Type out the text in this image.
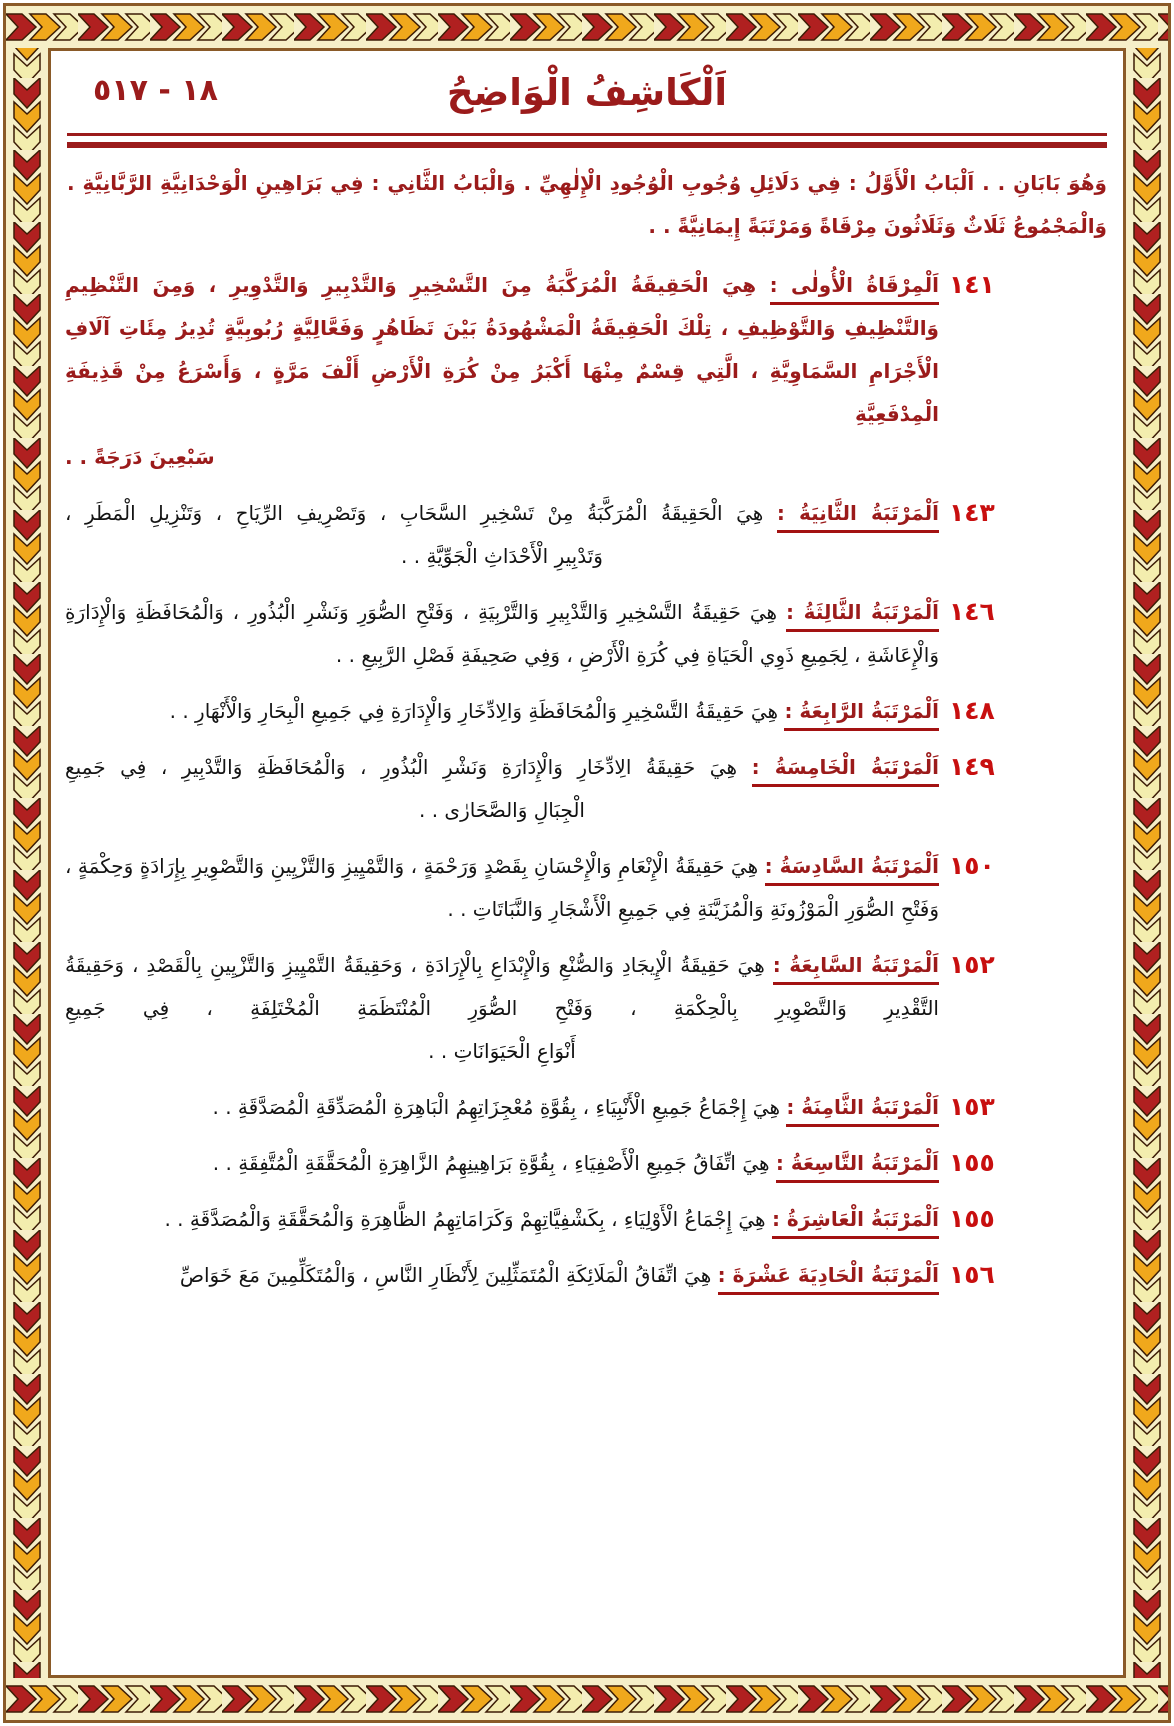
١٨ - ٥١٧	اَلْكَاشِفُ الْوَاضِحُ

وَهُوَ بَابَانِ . . اَلْبَابُ الْأَوَّلُ : فِي دَلَائِلِ وُجُوبِ الْوُجُودِ الْإِلٰهِيِّ . وَالْبَابُ الثَّانِي : فِي بَرَاهِينِ الْوَحْدَانِيَّةِ الرَّبَّانِيَّةِ . وَالْمَجْمُوعُ ثَلَاثٌ وَثَلَاثُونَ مِرْقَاةً وَمَرْتَبَةً إِيمَانِيَّةً . .

١٤١

اَلْمِرْقَاةُ الْأُولٰى : هِيَ الْحَقِيقَةُ الْمُرَكَّبَةُ مِنَ التَّسْخِيرِ وَالتَّدْبِيرِ وَالتَّدْوِيرِ ، وَمِنَ التَّنْظِيمِ وَالتَّنْظِيفِ وَالتَّوْظِيفِ ، تِلْكَ الْحَقِيقَةُ الْمَشْهُودَةُ بَيْنَ تَظَاهُرٍ وَفَعَّالِيَّةٍ رُبُوبِيَّةٍ تُدِيرُ مِئَاتِ آلَافِ الْأَجْرَامِ السَّمَاوِيَّةِ ، الَّتِي قِسْمٌ مِنْهَا أَكْبَرُ مِنْ كُرَةِ الْأَرْضِ أَلْفَ مَرَّةٍ ، وَأَسْرَعُ مِنْ قَذِيفَةِ الْمِدْفَعِيَّةِ

سَبْعِينَ دَرَجَةً . .
١٤٣

اَلْمَرْتَبَةُ الثَّانِيَةُ : هِيَ الْحَقِيقَةُ الْمُرَكَّبَةُ مِنْ تَسْخِيرِ السَّحَابِ ، وَتَصْرِيفِ الرِّيَاحِ ، وَتَنْزِيلِ الْمَطَرِ ،

وَتَدْبِيرِ الْأَحْدَاثِ الْجَوِّيَّةِ . .
١٤٦

اَلْمَرْتَبَةُ الثَّالِثَةُ : هِيَ حَقِيقَةُ التَّسْخِيرِ وَالتَّدْبِيرِ وَالتَّرْبِيَةِ ، وَفَتْحِ الصُّوَرِ وَنَشْرِ الْبُذُورِ ، وَالْمُحَافَظَةِ وَالْإِدَارَةِ وَالْإِعَاشَةِ ، لِجَمِيعِ ذَوِي الْحَيَاةِ فِي كُرَةِ الْأَرْضِ ، وَفِي صَحِيفَةِ فَصْلِ الرَّبِيعِ . .

١٤٨

اَلْمَرْتَبَةُ الرَّابِعَةُ : هِيَ حَقِيقَةُ التَّسْخِيرِ وَالْمُحَافَظَةِ وَالِادِّخَارِ وَالْإِدَارَةِ فِي جَمِيعِ الْبِحَارِ وَالْأَنْهَارِ . .

١٤٩

اَلْمَرْتَبَةُ الْخَامِسَةُ : هِيَ حَقِيقَةُ الِادِّخَارِ وَالْإِدَارَةِ وَنَشْرِ الْبُذُورِ ، وَالْمُحَافَظَةِ وَالتَّدْبِيرِ ، فِي جَمِيعِ

الْجِبَالِ وَالصَّحَارٰى . .
١٥٠

اَلْمَرْتَبَةُ السَّادِسَةُ : هِيَ حَقِيقَةُ الْإِنْعَامِ وَالْإِحْسَانِ بِقَصْدٍ وَرَحْمَةٍ ، وَالتَّمْيِيزِ وَالتَّزْيِينِ وَالتَّصْوِيرِ بِإِرَادَةٍ وَحِكْمَةٍ ، وَفَتْحِ الصُّوَرِ الْمَوْزُونَةِ وَالْمُزَيَّنَةِ فِي جَمِيعِ الْأَشْجَارِ وَالنَّبَاتَاتِ . .

١٥٢

اَلْمَرْتَبَةُ السَّابِعَةُ : هِيَ حَقِيقَةُ الْإِيجَادِ وَالصُّنْعِ وَالْإِبْدَاعِ بِالْإِرَادَةِ ، وَحَقِيقَةُ التَّمْيِيزِ وَالتَّزْيِينِ بِالْقَصْدِ ، وَحَقِيقَةُ التَّقْدِيرِ وَالتَّصْوِيرِ بِالْحِكْمَةِ ، وَفَتْحِ الصُّوَرِ الْمُنْتَظَمَةِ الْمُخْتَلِفَةِ ، فِي جَمِيعِ

أَنْوَاعِ الْحَيَوَانَاتِ . .
١٥٣

اَلْمَرْتَبَةُ الثَّامِنَةُ : هِيَ إِجْمَاعُ جَمِيعِ الْأَنْبِيَاءِ ، بِقُوَّةِ مُعْجِزَاتِهِمُ الْبَاهِرَةِ الْمُصَدِّقَةِ الْمُصَدَّقَةِ . .

١٥٥

اَلْمَرْتَبَةُ التَّاسِعَةُ : هِيَ اتِّفَاقُ جَمِيعِ الْأَصْفِيَاءِ ، بِقُوَّةِ بَرَاهِينِهِمُ الزَّاهِرَةِ الْمُحَقَّقَةِ الْمُتَّفِقَةِ . .

١٥٥

اَلْمَرْتَبَةُ الْعَاشِرَةُ : هِيَ إِجْمَاعُ الْأَوْلِيَاءِ ، بِكَشْفِيَّاتِهِمْ وَكَرَامَاتِهِمُ الظَّاهِرَةِ وَالْمُحَقَّقَةِ وَالْمُصَدَّقَةِ . .

١٥٦

اَلْمَرْتَبَةُ الْحَادِيَةَ عَشْرَةَ : هِيَ اتِّفَاقُ الْمَلَائِكَةِ الْمُتَمَثِّلِينَ لِأَنْظَارِ النَّاسِ ، وَالْمُتَكَلِّمِينَ مَعَ خَوَاصِّ
